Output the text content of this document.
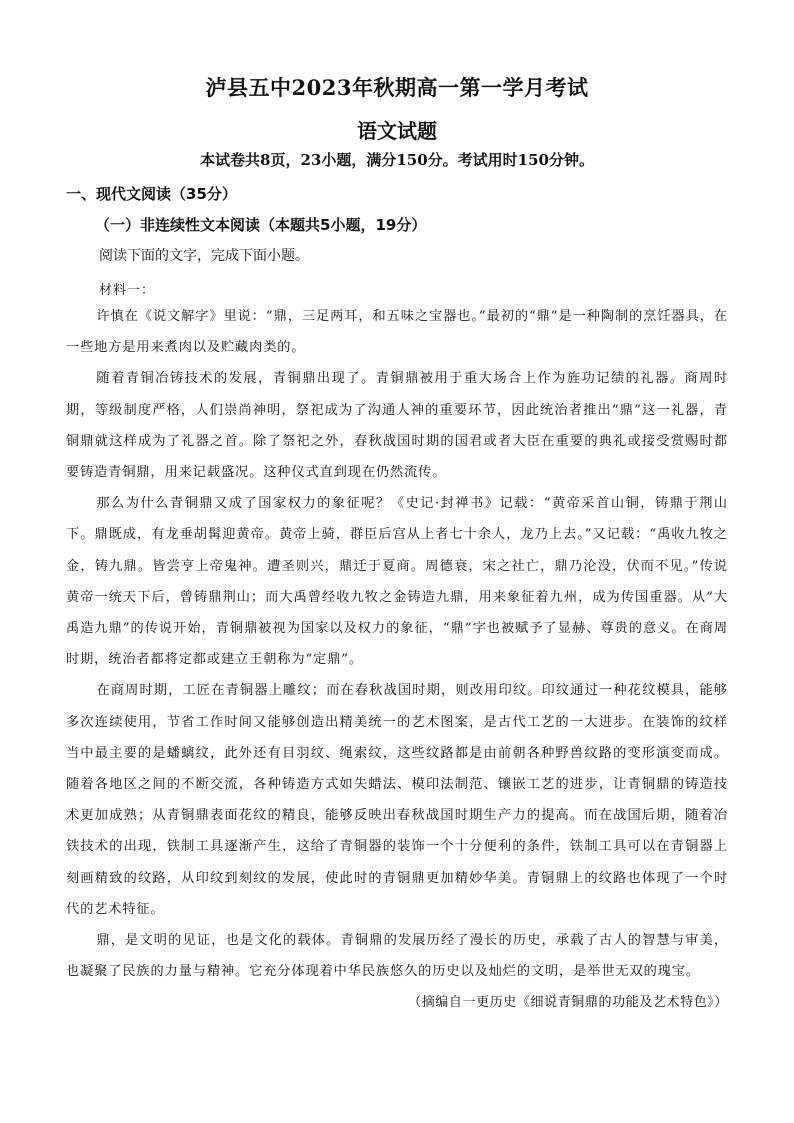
泸县五中2023年秋期高一第一学月考试
语文试题
本试卷共8页，23小题，满分150分。考试用时150分钟。
一、现代文阅读（35分）
（一）非连续性文本阅读（本题共5小题，19分）
阅读下面的文字，完成下面小题。
材料一：

许慎在《说文解字》里说：“鼎，三足两耳，和五味之宝器也。”最初的“鼎”是一种陶制的烹饪器具，在一些地方是用来煮肉以及贮藏肉类的。

随着青铜冶铸技术的发展，青铜鼎出现了。青铜鼎被用于重大场合上作为旌功记绩的礼器。商周时期，等级制度严格，人们崇尚神明，祭祀成为了沟通人神的重要环节，因此统治者推出“鼎”这一礼器，青铜鼎就这样成为了礼器之首。除了祭祀之外，春秋战国时期的国君或者大臣在重要的典礼或接受赏赐时都要铸造青铜鼎，用来记载盛况。这种仪式直到现在仍然流传。

那么为什么青铜鼎又成了国家权力的象征呢？《史记·封禅书》记载：“黄帝采首山铜，铸鼎于荆山下。鼎既成，有龙垂胡髯迎黄帝。黄帝上骑，群臣后宫从上者七十余人，龙乃上去。”又记载：“禹收九牧之金，铸九鼎。皆尝亨上帝鬼神。遭圣则兴，鼎迁于夏商。周德衰，宋之社亡，鼎乃沦没，伏而不见。”传说黄帝一统天下后，曾铸鼎荆山；而大禹曾经收九牧之金铸造九鼎，用来象征着九州，成为传国重器。从“大禹造九鼎”的传说开始，青铜鼎被视为国家以及权力的象征，“鼎”字也被赋予了显赫、尊贵的意义。在商周时期，统治者都将定都或建立王朝称为“定鼎”。

在商周时期，工匠在青铜器上雕纹；而在春秋战国时期，则改用印纹。印纹通过一种花纹模具，能够多次连续使用，节省工作时间又能够创造出精美统一的艺术图案，是古代工艺的一大进步。在装饰的纹样当中最主要的是蟠螭纹，此外还有目羽纹、绳索纹，这些纹路都是由前朝各种野兽纹路的变形演变而成。随着各地区之间的不断交流，各种铸造方式如失蜡法、模印法制范、镶嵌工艺的进步，让青铜鼎的铸造技术更加成熟；从青铜鼎表面花纹的精良，能够反映出春秋战国时期生产力的提高。而在战国后期，随着冶铁技术的出现，铁制工具逐渐产生，这给了青铜器的装饰一个十分便利的条件，铁制工具可以在青铜器上刻画精致的纹路，从印纹到刻纹的发展，使此时的青铜鼎更加精妙华美。青铜鼎上的纹路也体现了一个时代的艺术特征。

鼎，是文明的见证，也是文化的载体。青铜鼎的发展历经了漫长的历史，承载了古人的智慧与审美，也凝聚了民族的力量与精神。它充分体现着中华民族悠久的历史以及灿烂的文明，是举世无双的瑰宝。

（摘编自一更历史《细说青铜鼎的功能及艺术特色》）
